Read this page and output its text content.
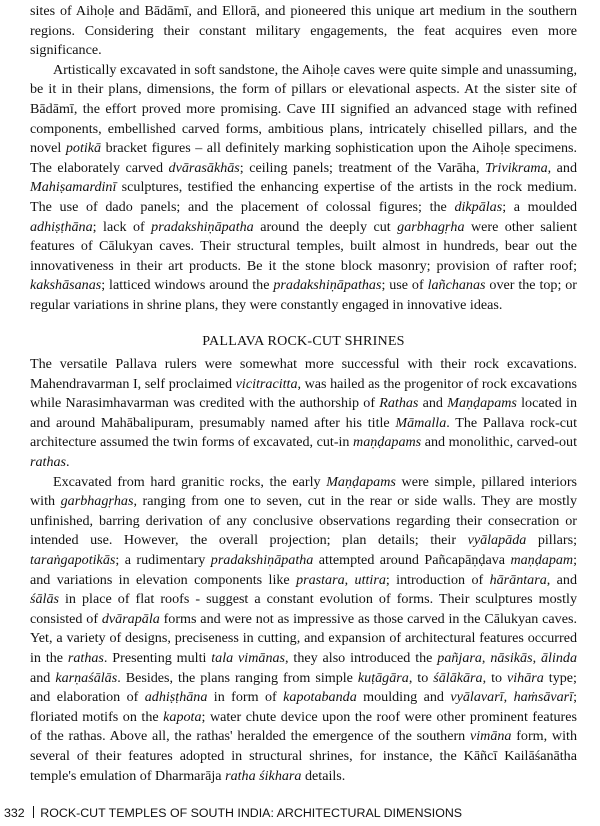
sites of Aihoḷe and Bādāmī, and Ellorā, and pioneered this unique art medium in the southern regions. Considering their constant military engagements, the feat acquires even more significance.

Artistically excavated in soft sandstone, the Aihoḷe caves were quite simple and unassuming, be it in their plans, dimensions, the form of pillars or elevational aspects. At the sister site of Bādāmī, the effort proved more promising. Cave III signified an advanced stage with refined components, embellished carved forms, ambitious plans, intricately chiselled pillars, and the novel potikā bracket figures – all definitely marking sophistication upon the Aihoḷe specimens. The elaborately carved dvārasākhās; ceiling panels; treatment of the Varāha, Trivikrama, and Mahiṣamardinī sculptures, testified the enhancing expertise of the artists in the rock medium. The use of dado panels; and the placement of colossal figures; the dikpālas; a moulded adhiṣṭhāna; lack of pradakshiṇāpatha around the deeply cut garbhagṛha were other salient features of Cālukyan caves. Their structural temples, built almost in hundreds, bear out the innovativeness in their art products. Be it the stone block masonry; provision of rafter roof; kakshāsanas; latticed windows around the pradakshiṇāpathas; use of lañchanas over the top; or regular variations in shrine plans, they were constantly engaged in innovative ideas.

PALLAVA ROCK-CUT SHRINES

The versatile Pallava rulers were somewhat more successful with their rock excavations. Mahendravarman I, self proclaimed vicitracitta, was hailed as the progenitor of rock excavations while Narasimhavarman was credited with the authorship of Rathas and Maṇḍapams located in and around Mahābalipuram, presumably named after his title Māmalla. The Pallava rock-cut architecture assumed the twin forms of excavated, cut-in maṇḍapams and monolithic, carved-out rathas.

Excavated from hard granitic rocks, the early Maṇḍapams were simple, pillared interiors with garbhagṛhas, ranging from one to seven, cut in the rear or side walls. They are mostly unfinished, barring derivation of any conclusive observations regarding their consecration or intended use. However, the overall projection; plan details; their vyālapāda pillars; taraṅgapotikās; a rudimentary pradakshiṇāpatha attempted around Pañcapāṇḍava maṇḍapam; and variations in elevation components like prastara, uttira; introduction of hārāntara, and śālās in place of flat roofs - suggest a constant evolution of forms. Their sculptures mostly consisted of dvārapāla forms and were not as impressive as those carved in the Cālukyan caves. Yet, a variety of designs, preciseness in cutting, and expansion of architectural features occurred in the rathas. Presenting multi tala vimānas, they also introduced the pañjara, nāsikās, ālinda and karṇaśālās. Besides, the plans ranging from simple kuṭāgāra, to śālākāra, to vihāra type; and elaboration of adhiṣṭhāna in form of kapotabanda moulding and vyālavarī, haṁsāvarī; floriated motifs on the kapota; water chute device upon the roof were other prominent features of the rathas. Above all, the rathas' heralded the emergence of the southern vimāna form, with several of their features adopted in structural shrines, for instance, the Kāñcī Kailāśanātha temple's emulation of Dharmarāja ratha śikhara details.

332 ROCK-CUT TEMPLES OF SOUTH INDIA: ARCHITECTURAL DIMENSIONS
